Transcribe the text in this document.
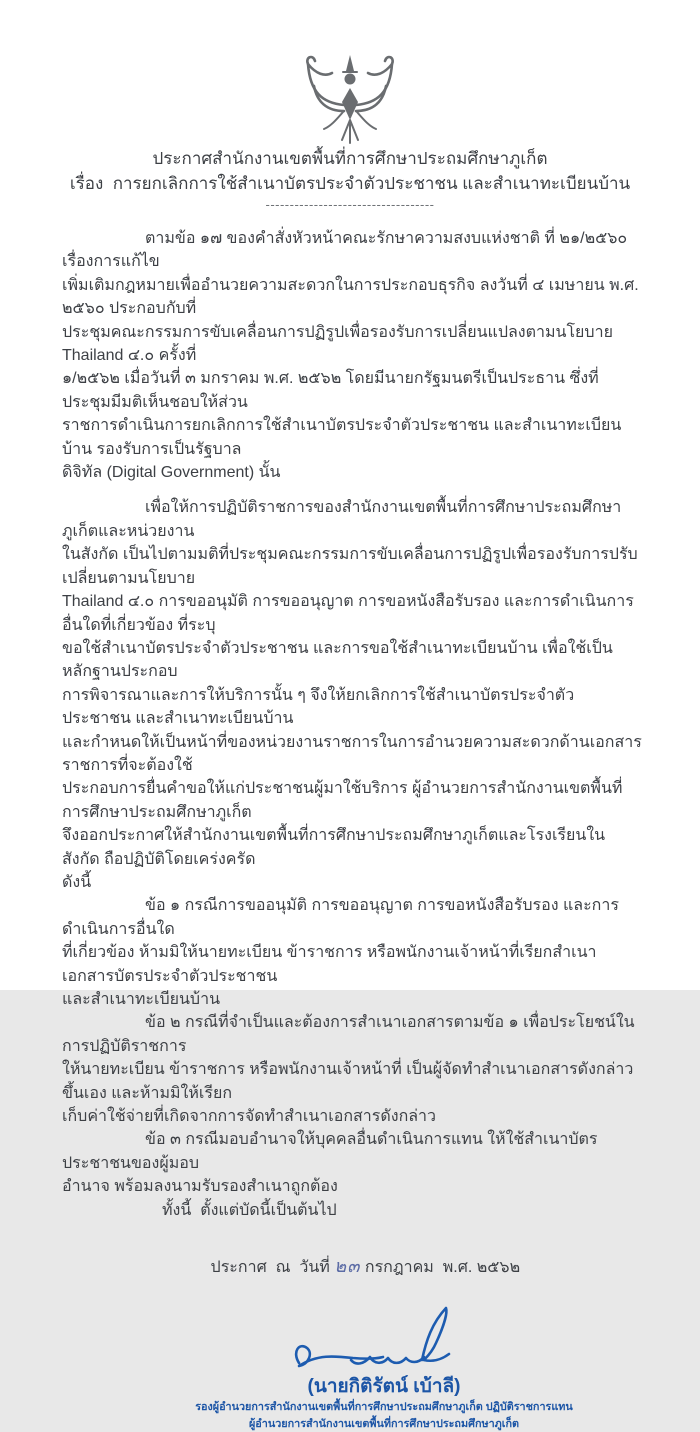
ประกาศสำนักงานเขตพื้นที่การศึกษาประถมศึกษาภูเก็ต
เรื่อง  การยกเลิกการใช้สำเนาบัตรประจำตัวประชาชน และสำเนาทะเบียนบ้าน
-----------------------------------
ตามข้อ ๑๗ ของคำสั่งหัวหน้าคณะรักษาความสงบแห่งชาติ ที่ ๒๑/๒๕๖๐ เรื่องการแก้ไข
เพิ่มเติมกฎหมายเพื่ออำนวยความสะดวกในการประกอบธุรกิจ ลงวันที่ ๔ เมษายน พ.ศ. ๒๕๖๐ ประกอบกับที่
ประชุมคณะกรรมการขับเคลื่อนการปฏิรูปเพื่อรองรับการเปลี่ยนแปลงตามนโยบาย Thailand ๔.๐ ครั้งที่
๑/๒๕๖๒ เมื่อวันที่ ๓ มกราคม พ.ศ. ๒๕๖๒ โดยมีนายกรัฐมนตรีเป็นประธาน ซึ่งที่ประชุมมีมติเห็นชอบให้ส่วน
ราชการดำเนินการยกเลิกการใช้สำเนาบัตรประจำตัวประชาชน และสำเนาทะเบียนบ้าน รองรับการเป็นรัฐบาล
ดิจิทัล (Digital Government) นั้น
เพื่อให้การปฏิบัติราชการของสำนักงานเขตพื้นที่การศึกษาประถมศึกษาภูเก็ตและหน่วยงาน
ในสังกัด เป็นไปตามมติที่ประชุมคณะกรรมการขับเคลื่อนการปฏิรูปเพื่อรองรับการปรับเปลี่ยนตามนโยบาย
Thailand ๔.๐ การขออนุมัติ การขออนุญาต การขอหนังสือรับรอง และการดำเนินการอื่นใดที่เกี่ยวข้อง ที่ระบุ
ขอใช้สำเนาบัตรประจำตัวประชาชน และการขอใช้สำเนาทะเบียนบ้าน เพื่อใช้เป็นหลักฐานประกอบ
การพิจารณาและการให้บริการนั้น ๆ จึงให้ยกเลิกการใช้สำเนาบัตรประจำตัวประชาชน และสำเนาทะเบียนบ้าน
และกำหนดให้เป็นหน้าที่ของหน่วยงานราชการในการอำนวยความสะดวกด้านเอกสารราชการที่จะต้องใช้
ประกอบการยื่นคำขอให้แก่ประชาชนผู้มาใช้บริการ ผู้อำนวยการสำนักงานเขตพื้นที่การศึกษาประถมศึกษาภูเก็ต
จึงออกประกาศให้สำนักงานเขตพื้นที่การศึกษาประถมศึกษาภูเก็ตและโรงเรียนในสังกัด ถือปฏิบัติโดยเคร่งครัด
ดังนี้
ข้อ ๑ กรณีการขออนุมัติ การขออนุญาต การขอหนังสือรับรอง และการดำเนินการอื่นใด
ที่เกี่ยวข้อง ห้ามมิให้นายทะเบียน ข้าราชการ หรือพนักงานเจ้าหน้าที่เรียกสำเนาเอกสารบัตรประจำตัวประชาชน
และสำเนาทะเบียนบ้าน
ข้อ ๒ กรณีที่จำเป็นและต้องการสำเนาเอกสารตามข้อ ๑ เพื่อประโยชน์ในการปฏิบัติราชการ
ให้นายทะเบียน ข้าราชการ หรือพนักงานเจ้าหน้าที่ เป็นผู้จัดทำสำเนาเอกสารดังกล่าวขึ้นเอง และห้ามมิให้เรียก
เก็บค่าใช้จ่ายที่เกิดจากการจัดทำสำเนาเอกสารดังกล่าว
ข้อ ๓ กรณีมอบอำนาจให้บุคคลอื่นดำเนินการแทน ให้ใช้สำเนาบัตรประชาชนของผู้มอบ
อำนาจ พร้อมลงนามรับรองสำเนาถูกต้อง
ทั้งนี้  ตั้งแต่บัดนี้เป็นต้นไป

ประกาศ  ณ  วันที่ ๒๓ กรกฎาคม  พ.ศ. ๒๕๖๒

(นายกิติรัตน์ เบ้าลี)
รองผู้อำนวยการสำนักงานเขตพื้นที่การศึกษาประถมศึกษาภูเก็ต ปฏิบัติราชการแทน
ผู้อำนวยการสำนักงานเขตพื้นที่การศึกษาประถมศึกษาภูเก็ต
